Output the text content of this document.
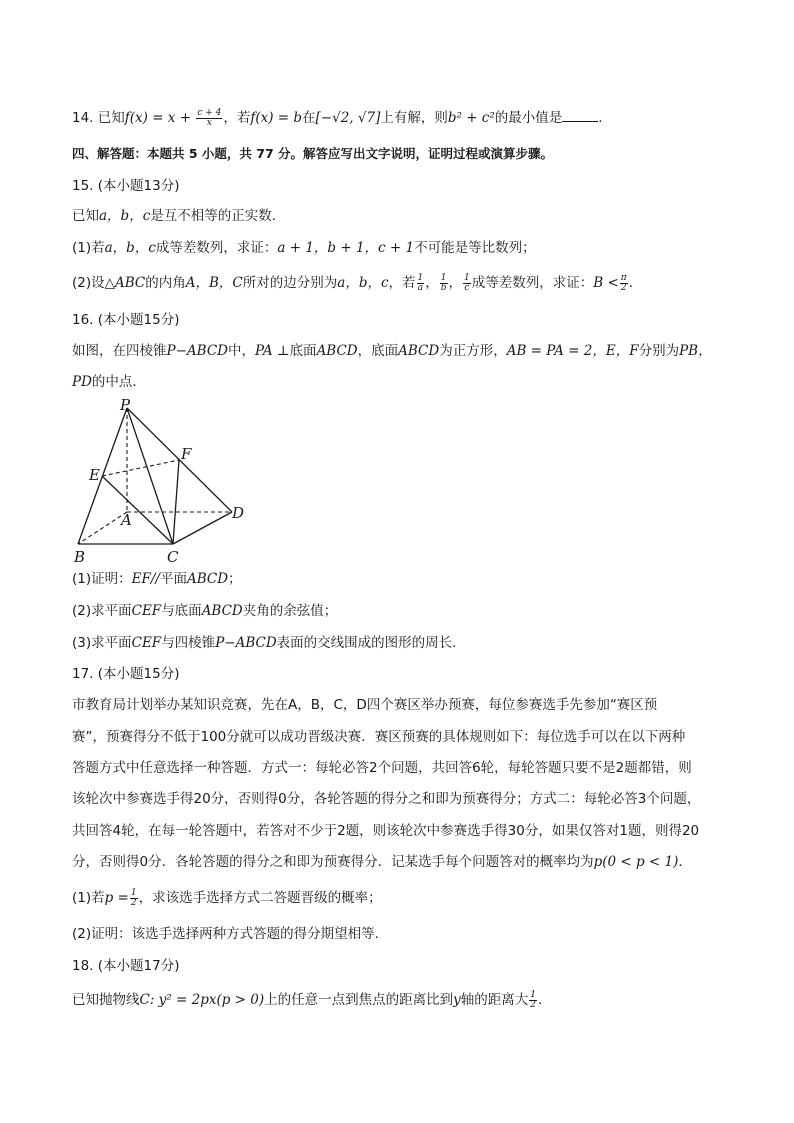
14. 已知$f(x) = x + \frac{c + 4}{x}$ ，若f(x) = b在[−√2, √7]上有解，则b² + c²的最小值是	.
四、解答题：本题共 5 小题，共 77 分。解答应写出文字说明，证明过程或演算步骤。
15. (本小题13分)
已知a，b，c是互不相等的正实数．
(1)若a，b，c成等差数列，求证：a + 1，b + 1，c + 1不可能是等比数列；
(2)设△ABC的内角A，B，C所对的边分别为a，b，c，若 $\frac{1}{a}$ ， $\frac{1}{b}$ ， $\frac{1}{c}$ 成等差数列，求证：$B < \frac{\pi}{2}$ .
16. (本小题15分)
如图，在四棱锥P−ABCD中，PA ⊥底面ABCD，底面ABCD为正方形，AB = PA = 2，E，F分别为PB，
PD的中点．
P
E
F
A	D
B	C
(1)证明：EF//平面ABCD；
(2)求平面CEF与底面ABCD夹角的余弦值；
(3)求平面CEF与四棱锥P−ABCD表面的交线围成的图形的周长．
17. (本小题15分)
市教育局计划举办某知识竞赛，先在A，B，C，D四个赛区举办预赛，每位参赛选手先参加“赛区预
赛”，预赛得分不低于100分就可以成功晋级决赛．赛区预赛的具体规则如下：每位选手可以在以下两种
答题方式中任意选择一种答题．方式一：每轮必答2个问题，共回答6轮，每轮答题只要不是2题都错，则
该轮次中参赛选手得20分，否则得0分，各轮答题的得分之和即为预赛得分；方式二：每轮必答3个问题，
共回答4轮，在每一轮答题中，若答对不少于2题，则该轮次中参赛选手得30分，如果仅答对1题，则得20
分，否则得0分．各轮答题的得分之和即为预赛得分．记某选手每个问题答对的概率均为p(0 < p < 1)．
(1)若$p = \frac{1}{2}$ ，求该选手选择方式二答题晋级的概率；
(2)证明：该选手选择两种方式答题的得分期望相等．
18. (本小题17分)
已知抛物线C: y² = 2px(p > 0)上的任意一点到焦点的距离比到y轴的距离大 $\frac{1}{2}$ .
